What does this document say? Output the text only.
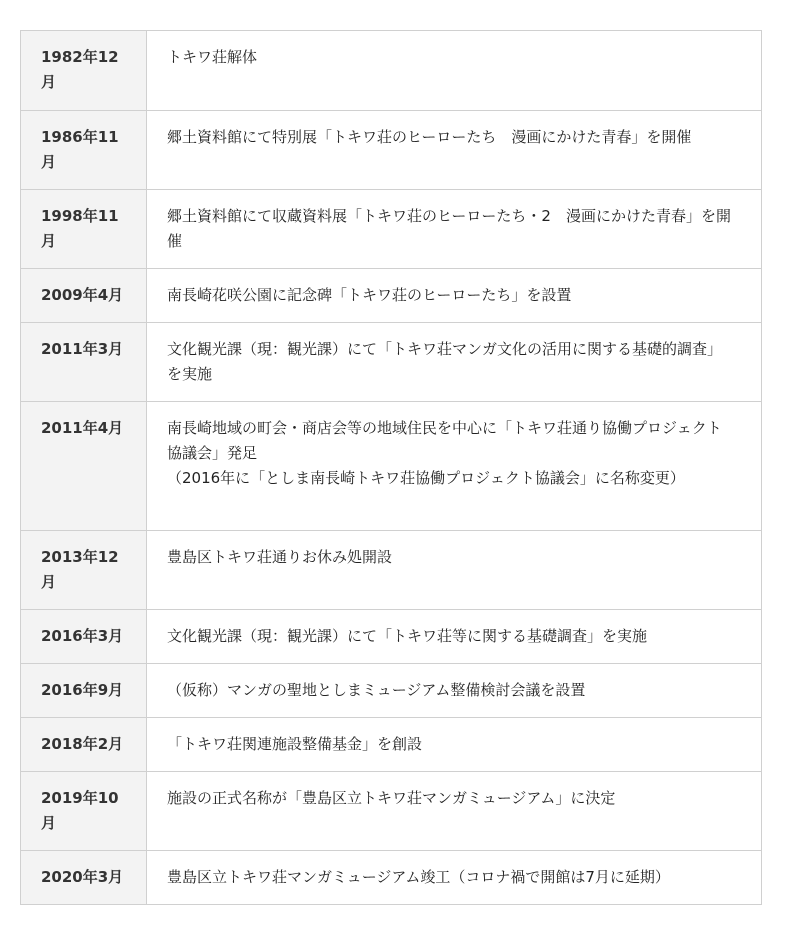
1982年12月	トキワ荘解体

1986年11月	郷土資料館にて特別展「トキワ荘のヒーローたち　漫画にかけた青春」を開催

1998年11月	郷土資料館にて収蔵資料展「トキワ荘のヒーローたち・2　漫画にかけた青春」を開催

2009年4月	南長崎花咲公園に記念碑「トキワ荘のヒーローたち」を設置

2011年3月	文化観光課（現：観光課）にて「トキワ荘マンガ文化の活用に関する基礎的調査」を実施

2011年4月	南長崎地域の町会・商店会等の地域住民を中心に「トキワ荘通り協働プロジェクト協議会」発足
（2016年に「としま南長崎トキワ荘協働プロジェクト協議会」に名称変更）

2013年12月	豊島区トキワ荘通りお休み処開設

2016年3月	文化観光課（現：観光課）にて「トキワ荘等に関する基礎調査」を実施

2016年9月	（仮称）マンガの聖地としまミュージアム整備検討会議を設置

2018年2月	「トキワ荘関連施設整備基金」を創設

2019年10月	施設の正式名称が「豊島区立トキワ荘マンガミュージアム」に決定

2020年3月	豊島区立トキワ荘マンガミュージアム竣工（コロナ禍で開館は7月に延期）
